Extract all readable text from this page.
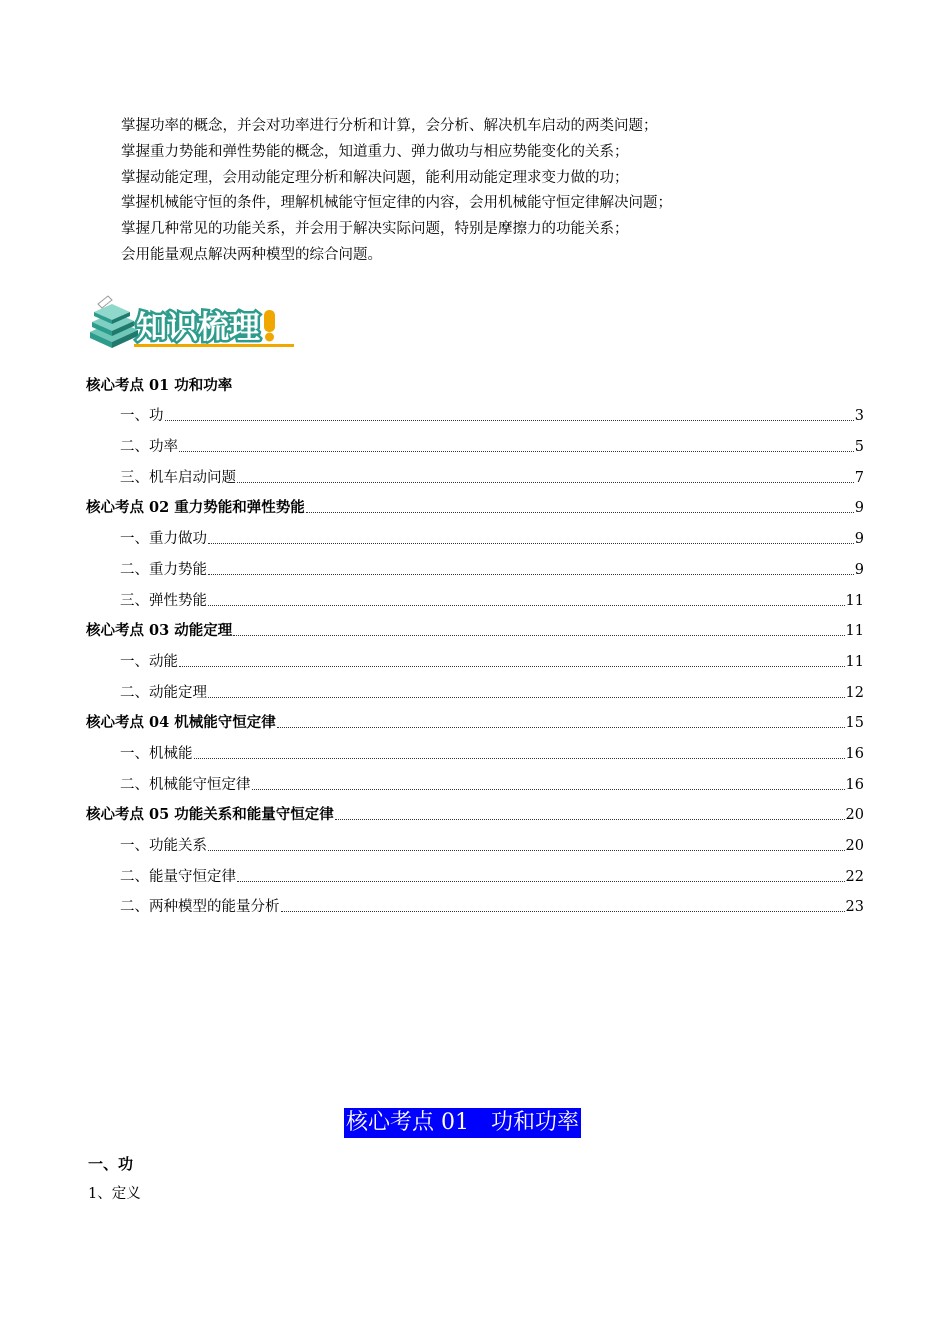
掌握功率的概念，并会对功率进行分析和计算，会分析、解决机车启动的两类问题；
掌握重力势能和弹性势能的概念，知道重力、弹力做功与相应势能变化的关系；
掌握动能定理，会用动能定理分析和解决问题，能利用动能定理求变力做的功；
掌握机械能守恒的条件，理解机械能守恒定律的内容，会用机械能守恒定律解决问题；
掌握几种常见的功能关系，并会用于解决实际问题，特别是摩擦力的功能关系；
会用能量观点解决两种模型的综合问题。
知识梳理
核心考点 01 功和功率
一、功	3
二、功率	5
三、机车启动问题	7
核心考点 02 重力势能和弹性势能	9
一、重力做功	9
二、重力势能	9
三、弹性势能	11
核心考点 03 动能定理	11
一、动能	11
二、动能定理	12
核心考点 04 机械能守恒定律	15
一、机械能	16
二、机械能守恒定律	16
核心考点 05 功能关系和能量守恒定律	20
一、功能关系	20
二、能量守恒定律	22
二、两种模型的能量分析	23
核心考点 01　功和功率
一、功
1、定义
